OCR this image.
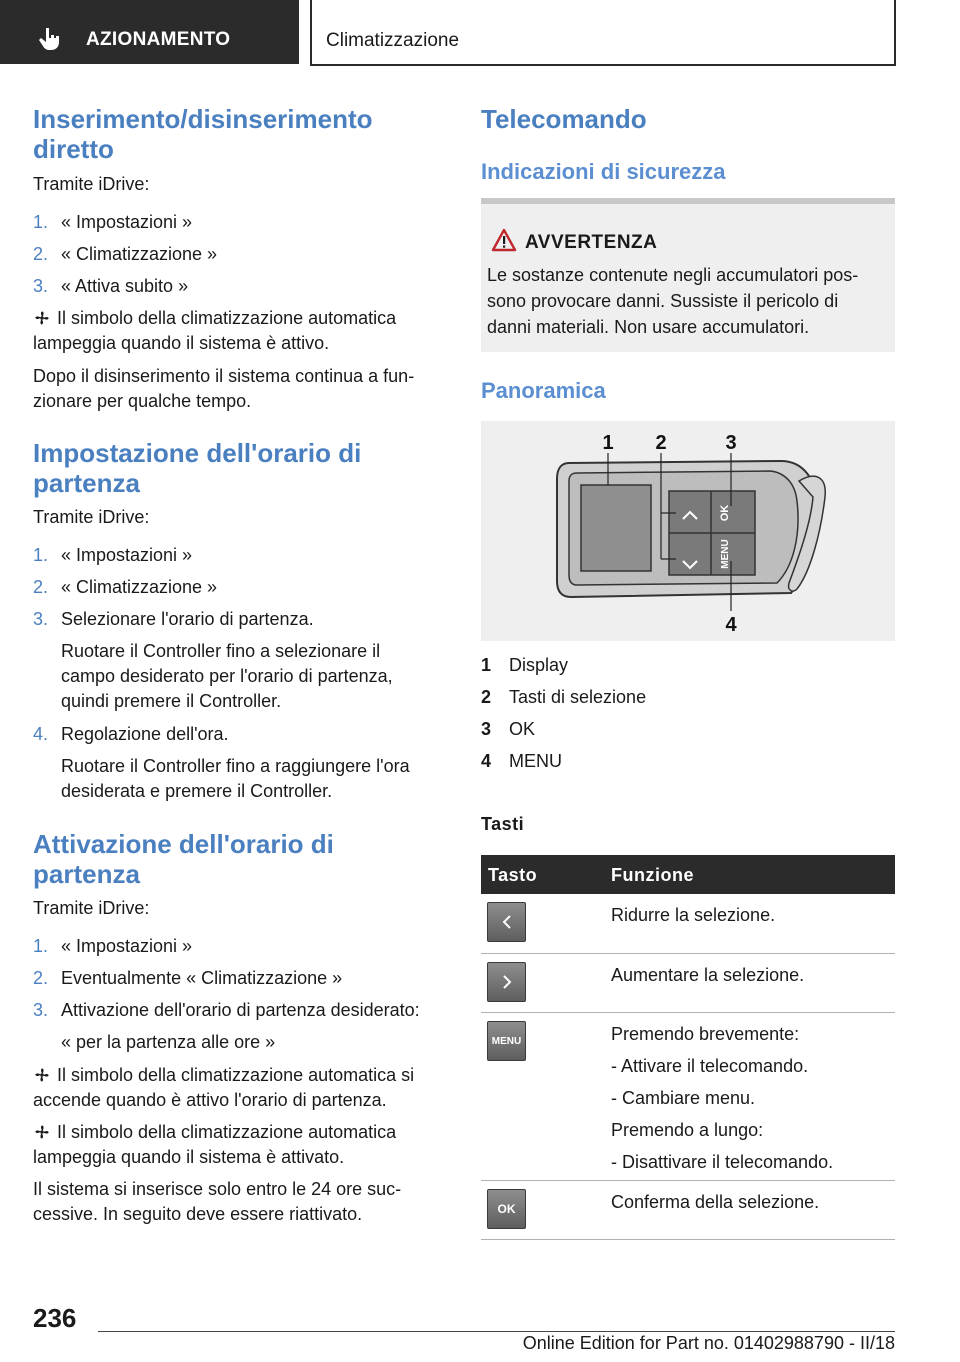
AZIONAMENTO	Climatizzazione
Inserimento/disinserimento diretto
Tramite iDrive:
1. « Impostazioni »
2. « Climatizzazione »
3. « Attiva subito »
Il simbolo della climatizzazione automatica
lampeggia quando il sistema è attivo.
Dopo il disinserimento il sistema continua a fun-
zionare per qualche tempo.
Impostazione dell'orario di
partenza
Tramite iDrive:
1. « Impostazioni »
2. « Climatizzazione »
3. Selezionare l'orario di partenza.
Ruotare il Controller fino a selezionare il
campo desiderato per l'orario di partenza,
quindi premere il Controller.
4. Regolazione dell'ora.
Ruotare il Controller fino a raggiungere l'ora
desiderata e premere il Controller.
Attivazione dell'orario di
partenza
Tramite iDrive:
1. « Impostazioni »
2. Eventualmente « Climatizzazione »
3. Attivazione dell'orario di partenza desiderato:
« per la partenza alle ore »
Il simbolo della climatizzazione automatica si
accende quando è attivo l'orario di partenza.
Il simbolo della climatizzazione automatica
lampeggia quando il sistema è attivato.
Il sistema si inserisce solo entro le 24 ore suc-
cessive. In seguito deve essere riattivato.
Telecomando
Indicazioni di sicurezza
AVVERTENZA
Le sostanze contenute negli accumulatori pos-
sono provocare danni. Sussiste il pericolo di
danni materiali. Non usare accumulatori.
Panoramica
OK
MENU
1 2	3
4
1 Display
2 Tasti di selezione
3 OK
4 MENU
Tasti
Tasto	Funzione
Ridurre la selezione.
Aumentare la selezione.
MENU	Premendo brevemente:
- Attivare il telecomando.
- Cambiare menu.
Premendo a lungo:
- Disattivare il telecomando.
OK	Conferma della selezione.
236
Online Edition for Part no. 01402988790 - II/18
